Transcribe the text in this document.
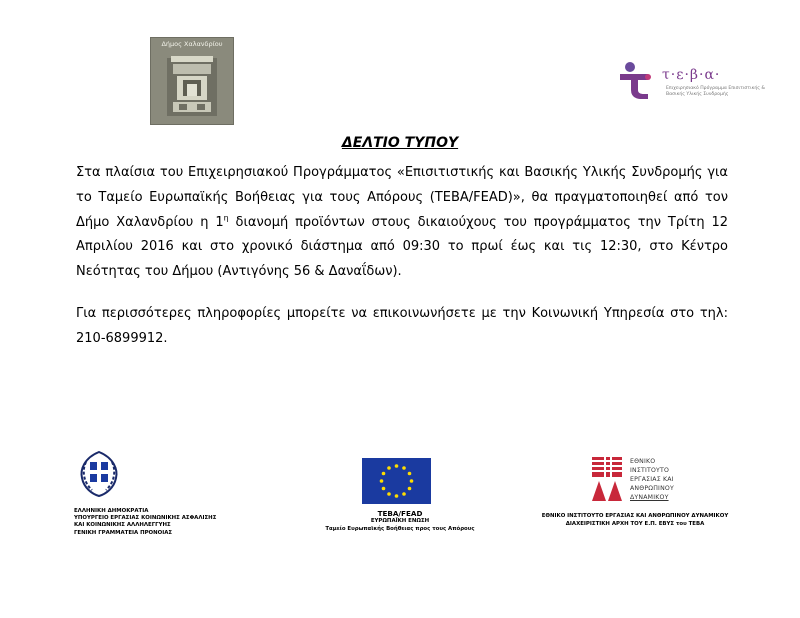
Δήμος Χαλανδρίου
τ·ε·β·α·
Επιχειρησιακό Πρόγραμμα Επισιτιστικής & Βασικής Υλικής Συνδρομής
ΔΕΛΤΙΟ ΤΥΠΟΥ
Στα πλαίσια του Επιχειρησιακού Προγράμματος «Επισιτιστικής και Βασικής Υλικής Συνδρομής για το Ταμείο Ευρωπαϊκής Βοήθειας για τους Απόρους (ΤΕΒΑ/FEAD)», θα πραγματοποιηθεί από τον Δήμο Χαλανδρίου η $1^\eta$ διανομή προϊόντων στους δικαιούχους του προγράμματος την Τρίτη 12 Απριλίου 2016 και στο χρονικό διάστημα από 09:30 το πρωί έως και τις 12:30, στο Κέντρο Νεότητας του Δήμου (Αντιγόνης 56 & Δαναΐδων).
Για περισσότερες πληροφορίες μπορείτε να επικοινωνήσετε με την Κοινωνική Υπηρεσία στο τηλ: 210-6899912.
ΕΛΛΗΝΙΚΗ ΔΗΜΟΚΡΑΤΙΑ
ΥΠΟΥΡΓΕΙΟ ΕΡΓΑΣΙΑΣ ΚΟΙΝΩΝΙΚΗΣ ΑΣΦΑΛΙΣΗΣ
ΚΑΙ ΚΟΙΝΩΝΙΚΗΣ ΑΛΛΗΛΕΓΓΥΗΣ
ΓΕΝΙΚΗ ΓΡΑΜΜΑΤΕΙΑ ΠΡΟΝΟΙΑΣ
ΤΕΒΑ/FEAD
ΕΥΡΩΠΑΪΚΗ ΕΝΩΣΗ
Ταμείο Ευρωπαϊκής Βοήθειας προς τους Απόρους
ΕΘΝΙΚΟ
ΙΝΣΤΙΤΟΥΤΟ
ΕΡΓΑΣΙΑΣ ΚΑΙ
ΑΝΘΡΩΠΙΝΟΥ
ΔΥΝΑΜΙΚΟΥ
ΕΘΝΙΚΟ ΙΝΣΤΙΤΟΥΤΟ ΕΡΓΑΣΙΑΣ ΚΑΙ ΑΝΘΡΩΠΙΝΟΥ ΔΥΝΑΜΙΚΟΥ
ΔΙΑΧΕΙΡΙΣΤΙΚΗ ΑΡΧΗ ΤΟΥ Ε.Π. ΕΒΥΣ του ΤΕΒΑ
